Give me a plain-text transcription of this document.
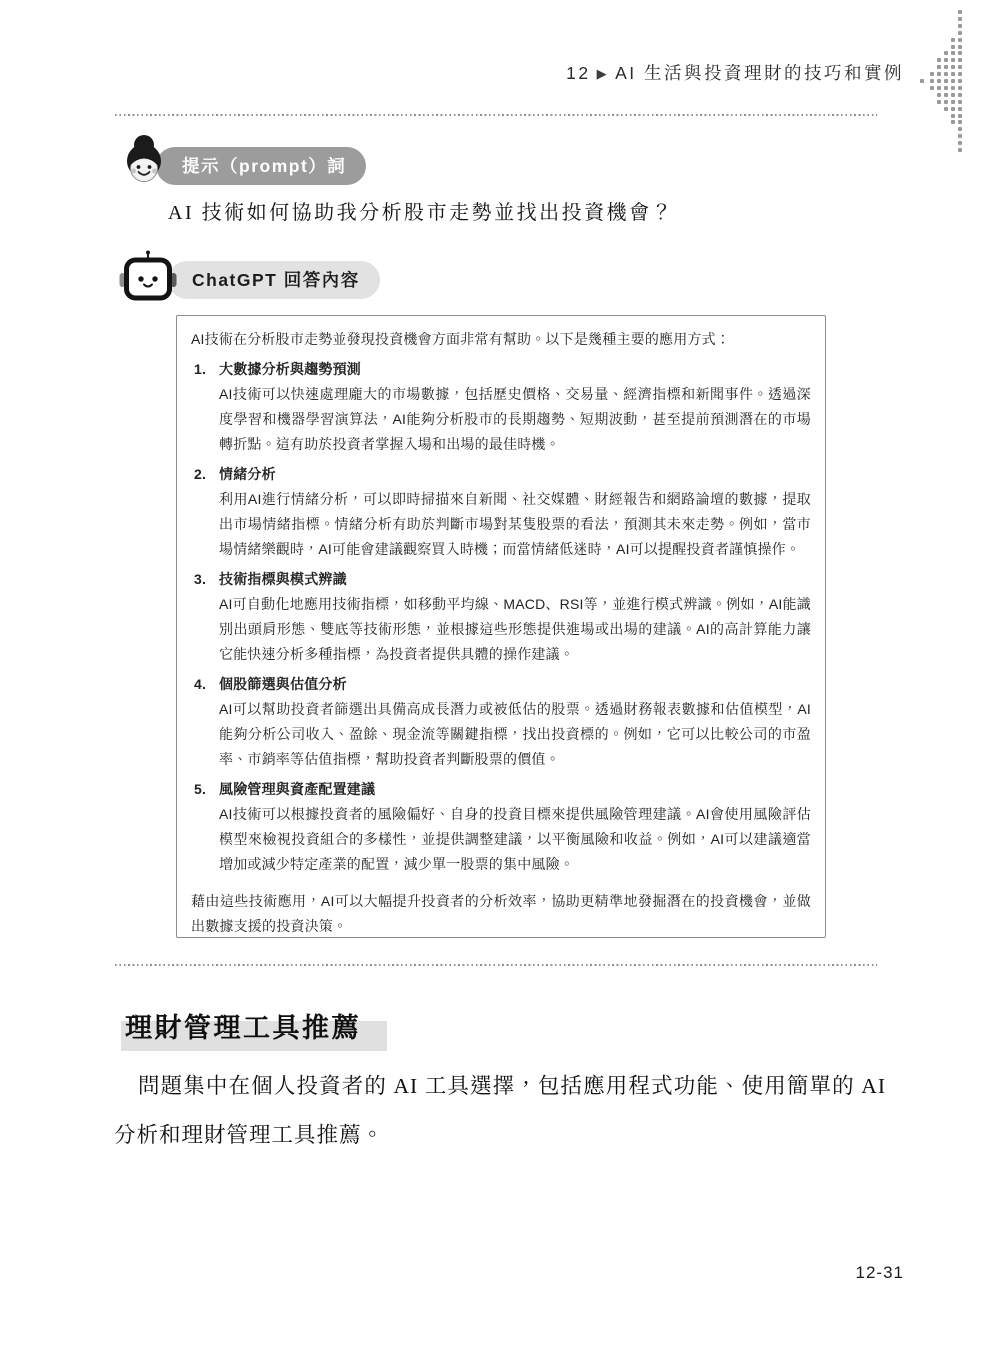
12 ▶ AI 生活與投資理財的技巧和實例
提示（prompt）詞
AI 技術如何協助我分析股市走勢並找出投資機會？
ChatGPT 回答內容

AI技術在分析股市走勢並發現投資機會方面非常有幫助。以下是幾種主要的應用方式：

1. 大數據分析與趨勢預測

AI技術可以快速處理龐大的市場數據，包括歷史價格、交易量、經濟指標和新聞事件。透過深度學習和機器學習演算法，AI能夠分析股市的長期趨勢、短期波動，甚至提前預測潛在的市場轉折點。這有助於投資者掌握入場和出場的最佳時機。

2. 情緒分析

利用AI進行情緒分析，可以即時掃描來自新聞、社交媒體、財經報告和網路論壇的數據，提取出市場情緒指標。情緒分析有助於判斷市場對某隻股票的看法，預測其未來走勢。例如，當市場情緒樂觀時，AI可能會建議觀察買入時機；而當情緒低迷時，AI可以提醒投資者謹慎操作。

3. 技術指標與模式辨識

AI可自動化地應用技術指標，如移動平均線、MACD、RSI等，並進行模式辨識。例如，AI能識別出頭肩形態、雙底等技術形態，並根據這些形態提供進場或出場的建議。AI的高計算能力讓它能快速分析多種指標，為投資者提供具體的操作建議。

4. 個股篩選與估值分析

AI可以幫助投資者篩選出具備高成長潛力或被低估的股票。透過財務報表數據和估值模型，AI能夠分析公司收入、盈餘、現金流等關鍵指標，找出投資標的。例如，它可以比較公司的市盈率、市銷率等估值指標，幫助投資者判斷股票的價值。

5. 風險管理與資產配置建議

AI技術可以根據投資者的風險偏好、自身的投資目標來提供風險管理建議。AI會使用風險評估模型來檢視投資組合的多樣性，並提供調整建議，以平衡風險和收益。例如，AI可以建議適當增加或減少特定產業的配置，減少單一股票的集中風險。

藉由這些技術應用，AI可以大幅提升投資者的分析效率，協助更精準地發掘潛在的投資機會，並做出數據支援的投資決策。

理財管理工具推薦

問題集中在個人投資者的 AI 工具選擇，包括應用程式功能、使用簡單的 AI 分析和理財管理工具推薦。

12-31
